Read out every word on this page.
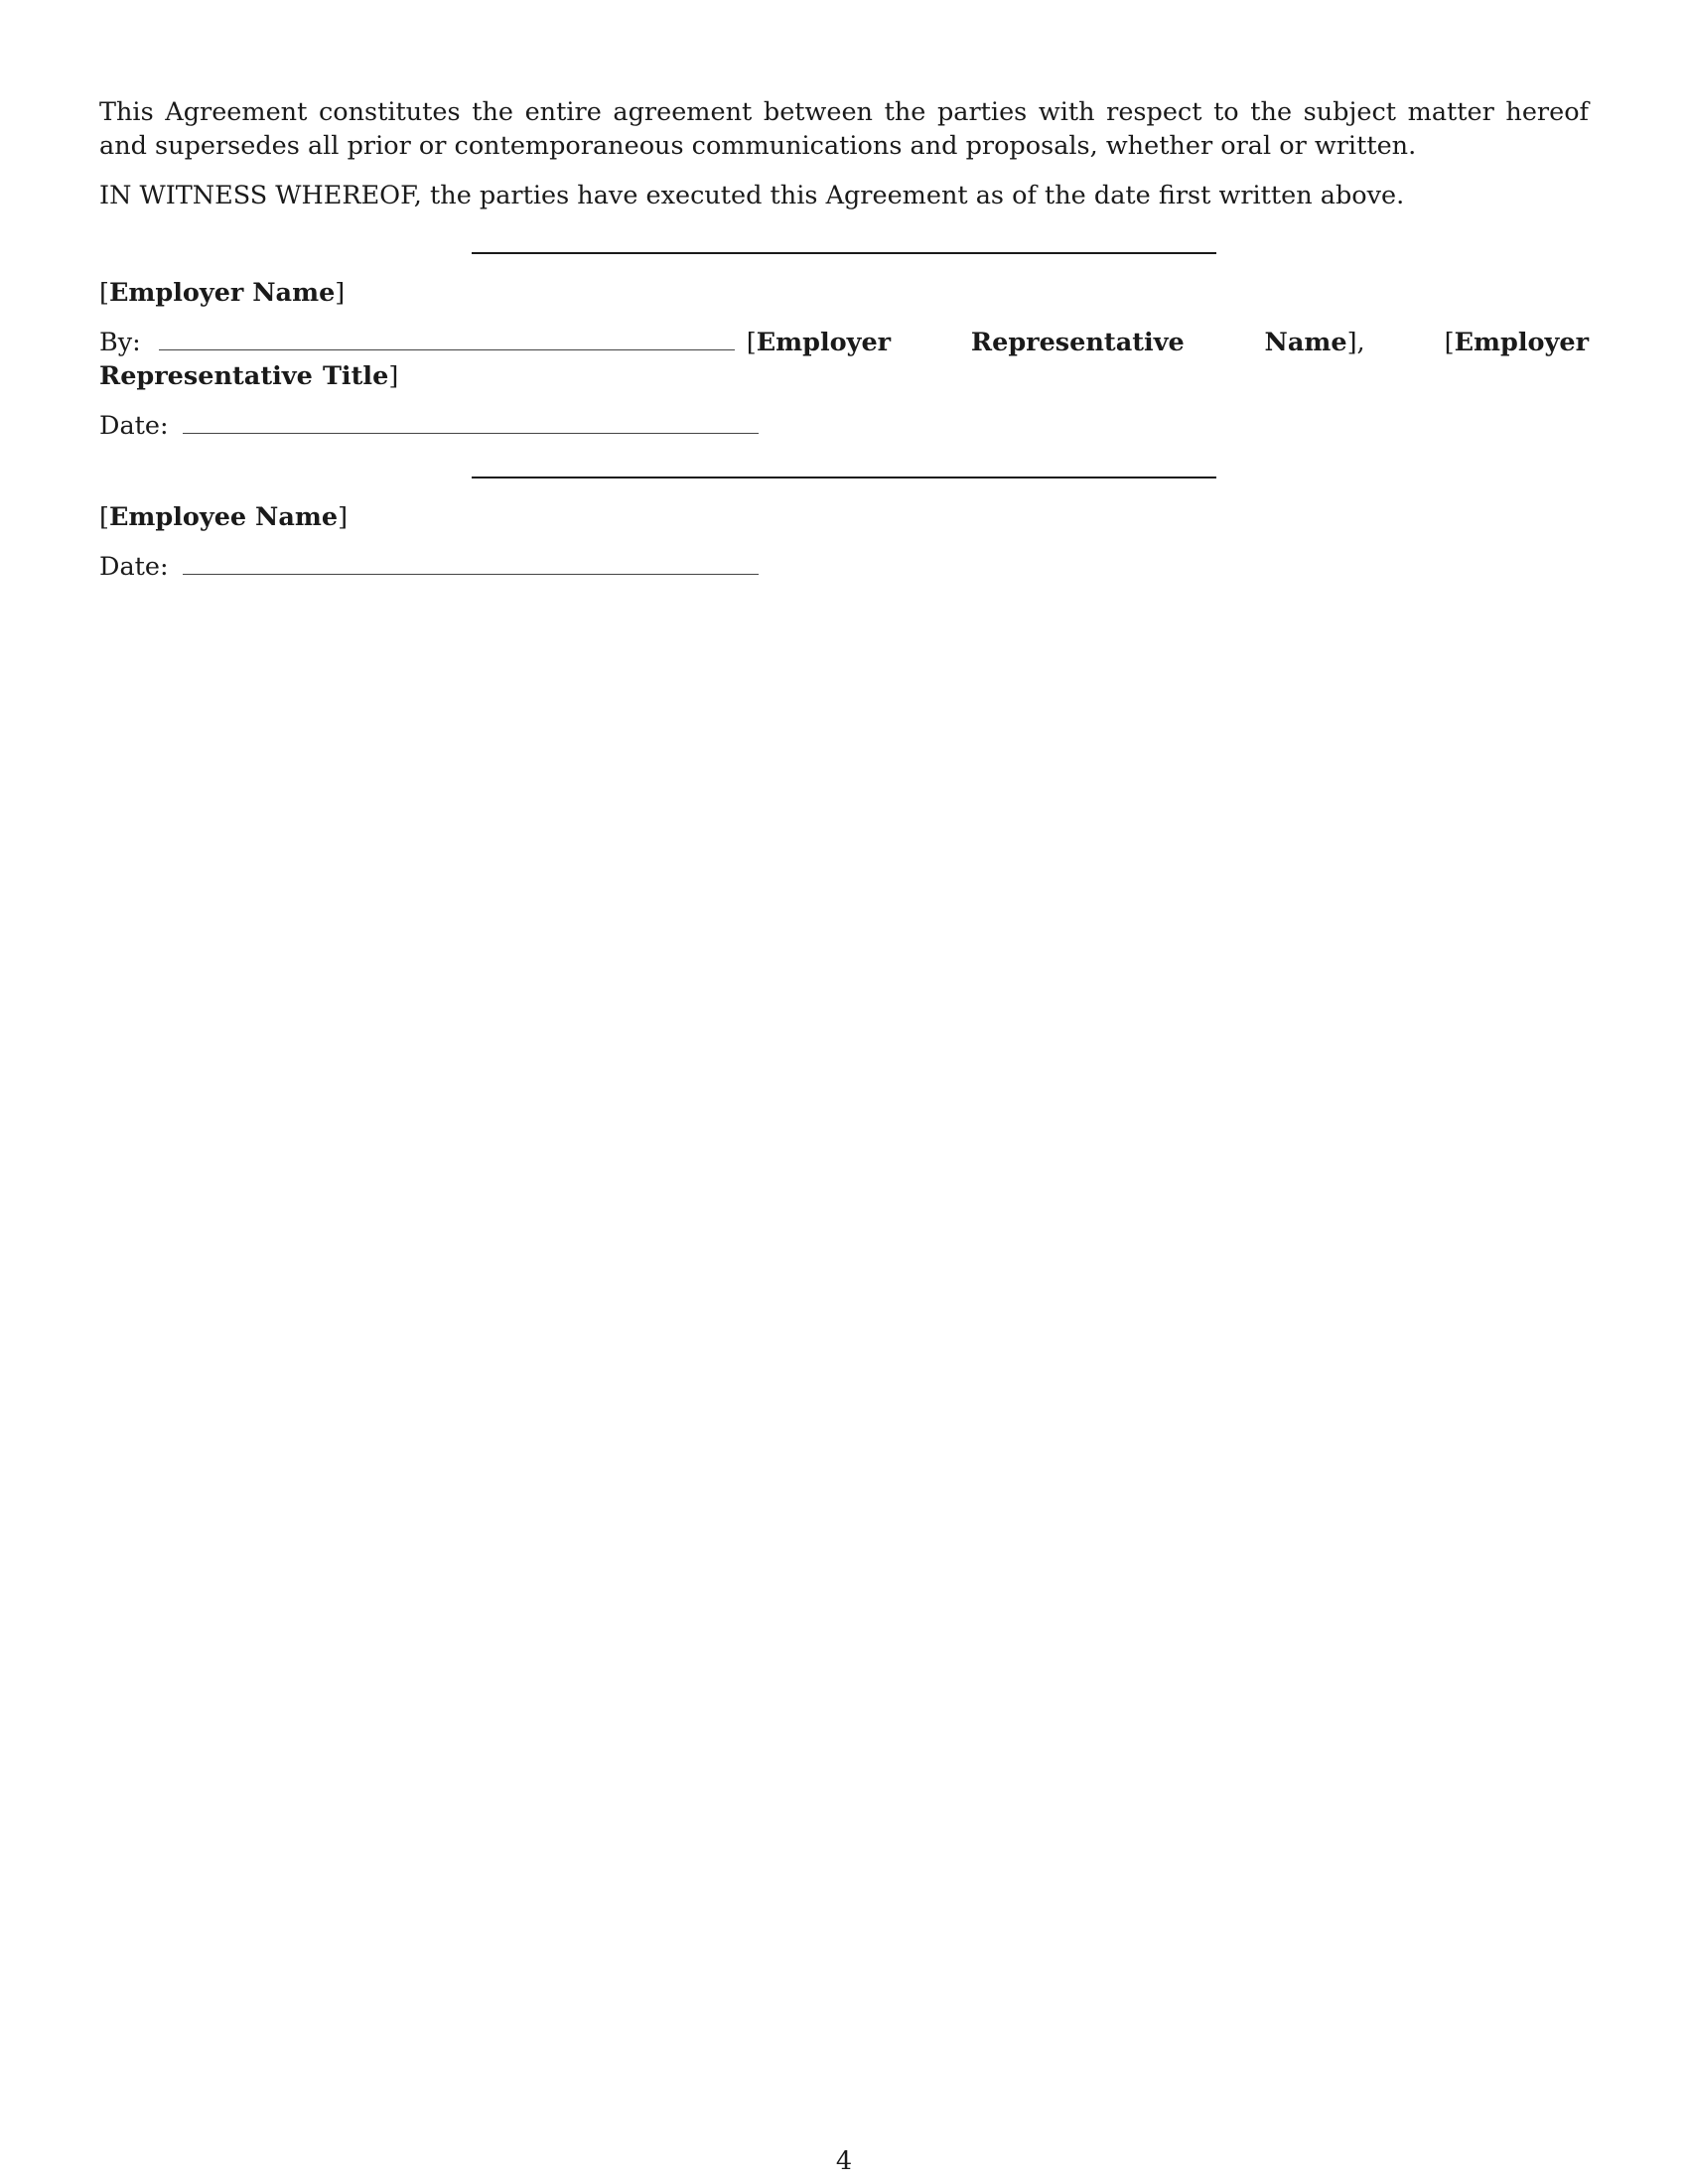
This Agreement constitutes the entire agreement between the parties with respect to the subject matter hereof and supersedes all prior or contemporaneous communications and proposals, whether oral or written.

IN WITNESS WHEREOF, the parties have executed this Agreement as of the date first written above.

[Employer Name]

By:	[Employer Representative Name], [Employer Representative Title]

Date:

[Employee Name]

Date:

4
